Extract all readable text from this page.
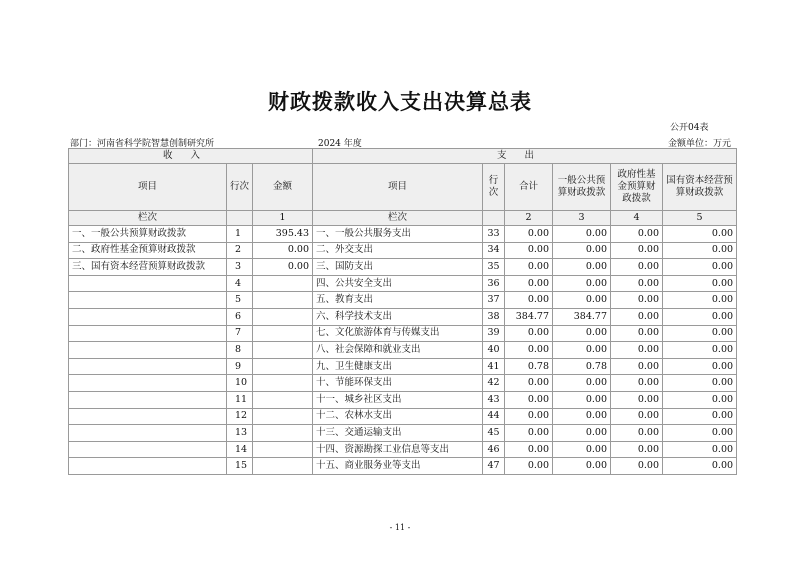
财政拨款收入支出决算总表
公开04表
部门：河南省科学院智慧创制研究所	2024 年度	金额单位：万元
收入			支出					
项目	行次	金额	项目	行次	合计	一般公共预算财政拨款	政府性基金预算财政拨款	国有资本经营预算财政拨款
栏次		1	栏次		2	3	4	5
一、一般公共预算财政拨款	1	395.43	一、一般公共服务支出	33	0.00	0.00	0.00	0.00
二、政府性基金预算财政拨款	2	0.00	二、外交支出	34	0.00	0.00	0.00	0.00
三、国有资本经营预算财政拨款	3	0.00	三、国防支出	35	0.00	0.00	0.00	0.00
	4		四、公共安全支出	36	0.00	0.00	0.00	0.00
	5		五、教育支出	37	0.00	0.00	0.00	0.00
	6		六、科学技术支出	38	384.77	384.77	0.00	0.00
	7		七、文化旅游体育与传媒支出	39	0.00	0.00	0.00	0.00
	8		八、社会保障和就业支出	40	0.00	0.00	0.00	0.00
	9		九、卫生健康支出	41	0.78	0.78	0.00	0.00
	10		十、节能环保支出	42	0.00	0.00	0.00	0.00
	11		十一、城乡社区支出	43	0.00	0.00	0.00	0.00
	12		十二、农林水支出	44	0.00	0.00	0.00	0.00
	13		十三、交通运输支出	45	0.00	0.00	0.00	0.00
	14		十四、资源勘探工业信息等支出	46	0.00	0.00	0.00	0.00
	15		十五、商业服务业等支出	47	0.00	0.00	0.00	0.00
- 11 -
